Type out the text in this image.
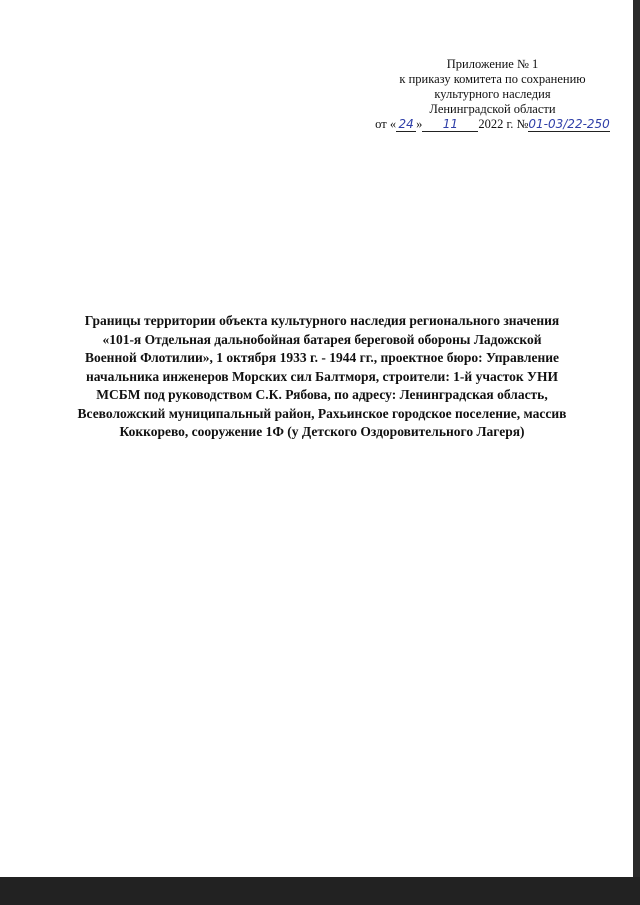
Приложение № 1
к приказу комитета по сохранению
культурного наследия
Ленинградской области
от « 24 » 11 2022 г. №01-03/22-250
Границы территории объекта культурного наследия регионального значения
«101-я Отдельная дальнобойная батарея береговой обороны Ладожской
Военной Флотилии», 1 октября 1933 г. - 1944 гг., проектное бюро: Управление
начальника инженеров Морских сил Балтморя, строители: 1-й участок УНИ
МСБМ под руководством С.К. Рябова, по адресу: Ленинградская область,
Всеволожский муниципальный район, Рахьинское городское поселение, массив
Коккорево, сооружение 1Ф (у Детского Оздоровительного Лагеря)
